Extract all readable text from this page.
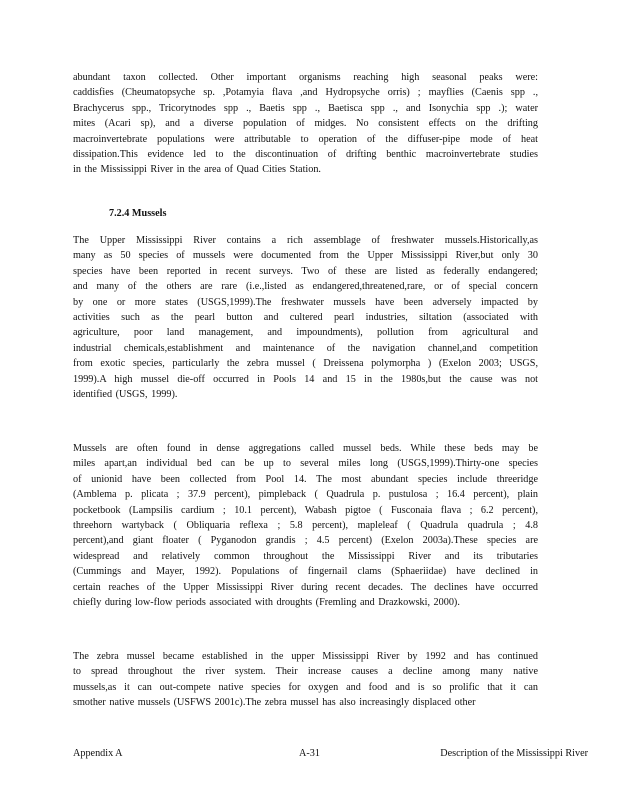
abundant taxon collected. Other important organisms reaching high seasonal peaks were:
caddisfies (Cheumatopsyche sp. ,Potamyia flava ,and Hydropsyche orris) ; mayflies (Caenis spp .,
Brachycerus spp., Tricorytnodes spp ., Baetis spp ., Baetisca spp ., and Isonychia spp .); water
mites (Acari sp), and a diverse population of midges. No consistent effects on the drifting
macroinvertebrate populations were attributable to operation of the diffuser-pipe mode of heat
dissipation.This evidence led to the discontinuation of drifting benthic macroinvertebrate studies
in the Mississippi River in the area of Quad Cities Station.
7.2.4 Mussels
The Upper Mississippi River contains a rich assemblage of freshwater mussels.Historically,as
many as 50 species of mussels were documented from the Upper Mississippi River,but only 30
species have been reported in recent surveys. Two of these are listed as federally endangered;
and many of the others are rare (i.e.,listed as endangered,threatened,rare, or of special concern
by one or more states (USGS,1999).The freshwater mussels have been adversely impacted by
activities such as the pearl button and cultered pearl industries, siltation (associated with
agriculture, poor land management, and impoundments), pollution from agricultural and
industrial chemicals,establishment and maintenance of the navigation channel,and competition
from exotic species, particularly the zebra mussel ( Dreissena polymorpha ) (Exelon 2003; USGS,
1999).A high mussel die-off occurred in Pools 14 and 15 in the 1980s,but the cause was not
identified (USGS, 1999).
Mussels are often found in dense aggregations called mussel beds. While these beds may be
miles apart,an individual bed can be up to several miles long (USGS,1999).Thirty-one species
of unionid have been collected from Pool 14. The most abundant species include threeridge
(Amblema p. plicata ; 37.9 percent), pimpleback ( Quadrula p. pustulosa ; 16.4 percent), plain
pocketbook (Lampsilis cardium ; 10.1 percent), Wabash pigtoe ( Fusconaia flava ; 6.2 percent),
threehorn wartyback ( Obliquaria reflexa ; 5.8 percent), mapleleaf ( Quadrula quadrula ; 4.8
percent),and giant floater ( Pyganodon grandis ; 4.5 percent) (Exelon 2003a).These species are
widespread and relatively common throughout the Mississippi River and its tributaries
(Cummings and Mayer, 1992). Populations of fingernail clams (Sphaeriidae) have declined in
certain reaches of the Upper Mississippi River during recent decades. The declines have occurred
chiefly during low-flow periods associated with droughts (Fremling and Drazkowski, 2000).
The zebra mussel became established in the upper Mississippi River by 1992 and has continued
to spread throughout the river system. Their increase causes a decline among many native
mussels,as it can out-compete native species for oxygen and food and is so prolific that it can
smother native mussels (USFWS 2001c).The zebra mussel has also increasingly displaced other
Appendix A	A-31	Description of the Mississippi River
